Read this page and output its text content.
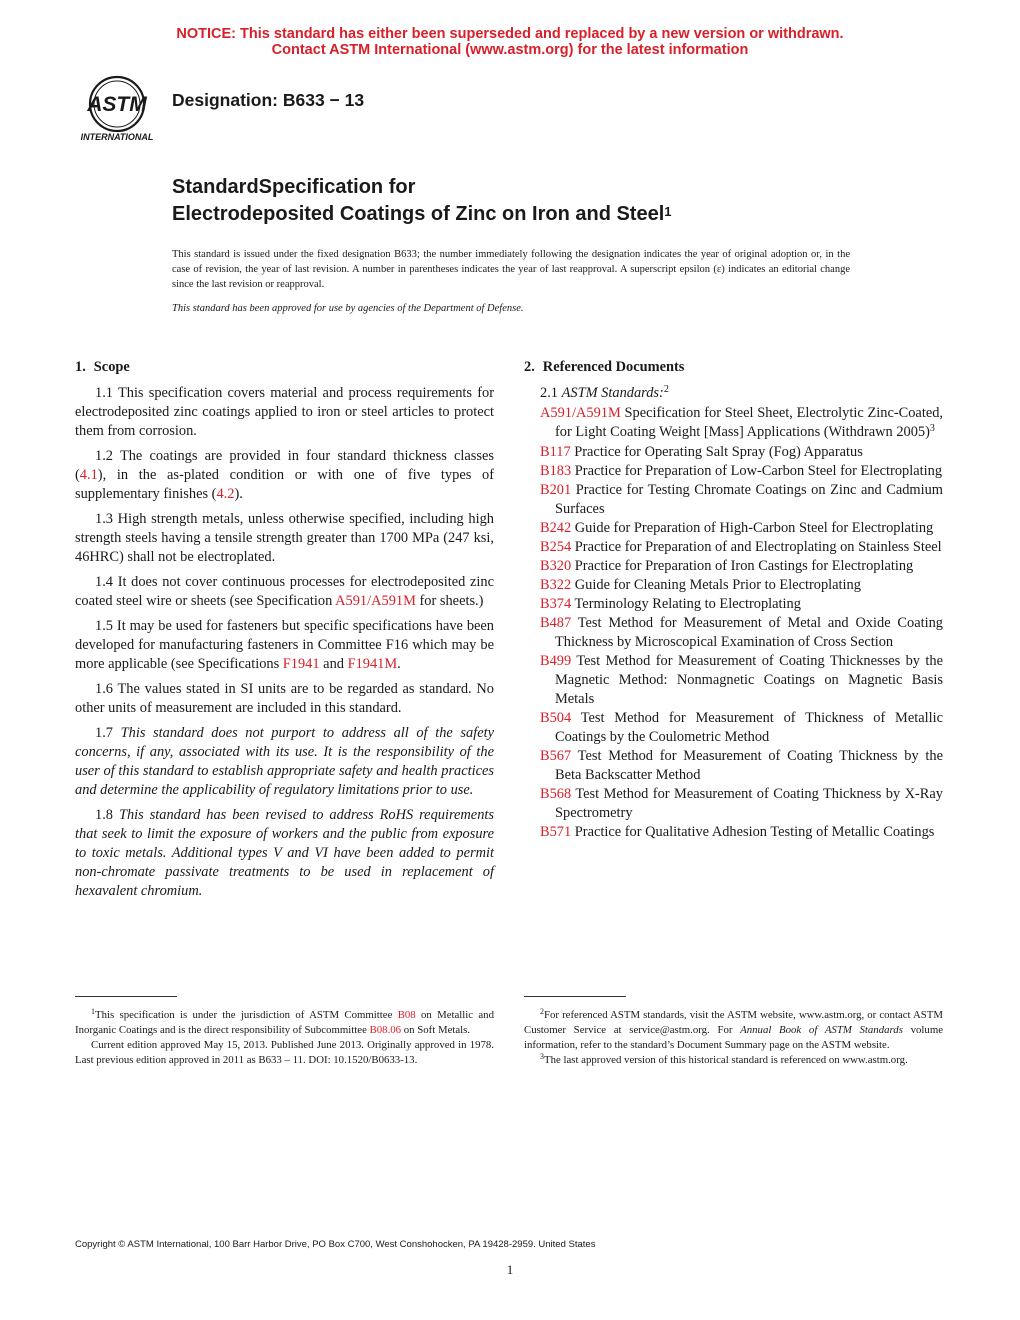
NOTICE: This standard has either been superseded and replaced by a new version or withdrawn.
Contact ASTM International (www.astm.org) for the latest information
ASTM
INTERNATIONAL
Designation: B633 − 13
StandardSpecification for
Electrodeposited Coatings of Zinc on Iron and Steel$^1$
This standard is issued under the fixed designation B633; the number immediately following the designation indicates the year of original adoption or, in the case of revision, the year of last revision. A number in parentheses indicates the year of last reapproval. A superscript epsilon (ε) indicates an editorial change since the last revision or reapproval.
This standard has been approved for use by agencies of the Department of Defense.
1. Scope

1.1 This specification covers material and process requirements for electrodeposited zinc coatings applied to iron or steel articles to protect them from corrosion.

1.2 The coatings are provided in four standard thickness classes (4.1), in the as-plated condition or with one of five types of supplementary finishes (4.2).

1.3 High strength metals, unless otherwise specified, including high strength steels having a tensile strength greater than 1700 MPa (247 ksi, 46HRC) shall not be electroplated.

1.4 It does not cover continuous processes for electrodeposited zinc coated steel wire or sheets (see Specification A591/A591M for sheets.)

1.5 It may be used for fasteners but specific specifications have been developed for manufacturing fasteners in Committee F16 which may be more applicable (see Specifications F1941 and F1941M.

1.6 The values stated in SI units are to be regarded as standard. No other units of measurement are included in this standard.

1.7 This standard does not purport to address all of the safety concerns, if any, associated with its use. It is the responsibility of the user of this standard to establish appropriate safety and health practices and determine the applicability of regulatory limitations prior to use.

1.8 This standard has been revised to address RoHS requirements that seek to limit the exposure of workers and the public from exposure to toxic metals. Additional types V and VI have been added to permit non-chromate passivate treatments to be used in replacement of hexavalent chromium.

2. Referenced Documents
2.1 ASTM Standards:$^2$

A591/A591M Specification for Steel Sheet, Electrolytic Zinc-Coated, for Light Coating Weight [Mass] Applications (Withdrawn 2005)$^3$

B117 Practice for Operating Salt Spray (Fog) Apparatus

B183 Practice for Preparation of Low-Carbon Steel for Electroplating

B201 Practice for Testing Chromate Coatings on Zinc and Cadmium Surfaces

B242 Guide for Preparation of High-Carbon Steel for Electroplating

B254 Practice for Preparation of and Electroplating on Stainless Steel

B320 Practice for Preparation of Iron Castings for Electroplating

B322 Guide for Cleaning Metals Prior to Electroplating

B374 Terminology Relating to Electroplating

B487 Test Method for Measurement of Metal and Oxide Coating Thickness by Microscopical Examination of Cross Section

B499 Test Method for Measurement of Coating Thicknesses by the Magnetic Method: Nonmagnetic Coatings on Magnetic Basis Metals

B504 Test Method for Measurement of Thickness of Metallic Coatings by the Coulometric Method

B567 Test Method for Measurement of Coating Thickness by the Beta Backscatter Method

B568 Test Method for Measurement of Coating Thickness by X-Ray Spectrometry

B571 Practice for Qualitative Adhesion Testing of Metallic Coatings

$^1$This specification is under the jurisdiction of ASTM Committee B08 on Metallic and Inorganic Coatings and is the direct responsibility of Subcommittee B08.06 on Soft Metals.

Current edition approved May 15, 2013. Published June 2013. Originally approved in 1978. Last previous edition approved in 2011 as B633 – 11. DOI: 10.1520/B0633-13.

$^2$For referenced ASTM standards, visit the ASTM website, www.astm.org, or contact ASTM Customer Service at service@astm.org. For Annual Book of ASTM Standards volume information, refer to the standard’s Document Summary page on the ASTM website.

$^3$The last approved version of this historical standard is referenced on www.astm.org.

Copyright © ASTM International, 100 Barr Harbor Drive, PO Box C700, West Conshohocken, PA 19428-2959. United States
1
